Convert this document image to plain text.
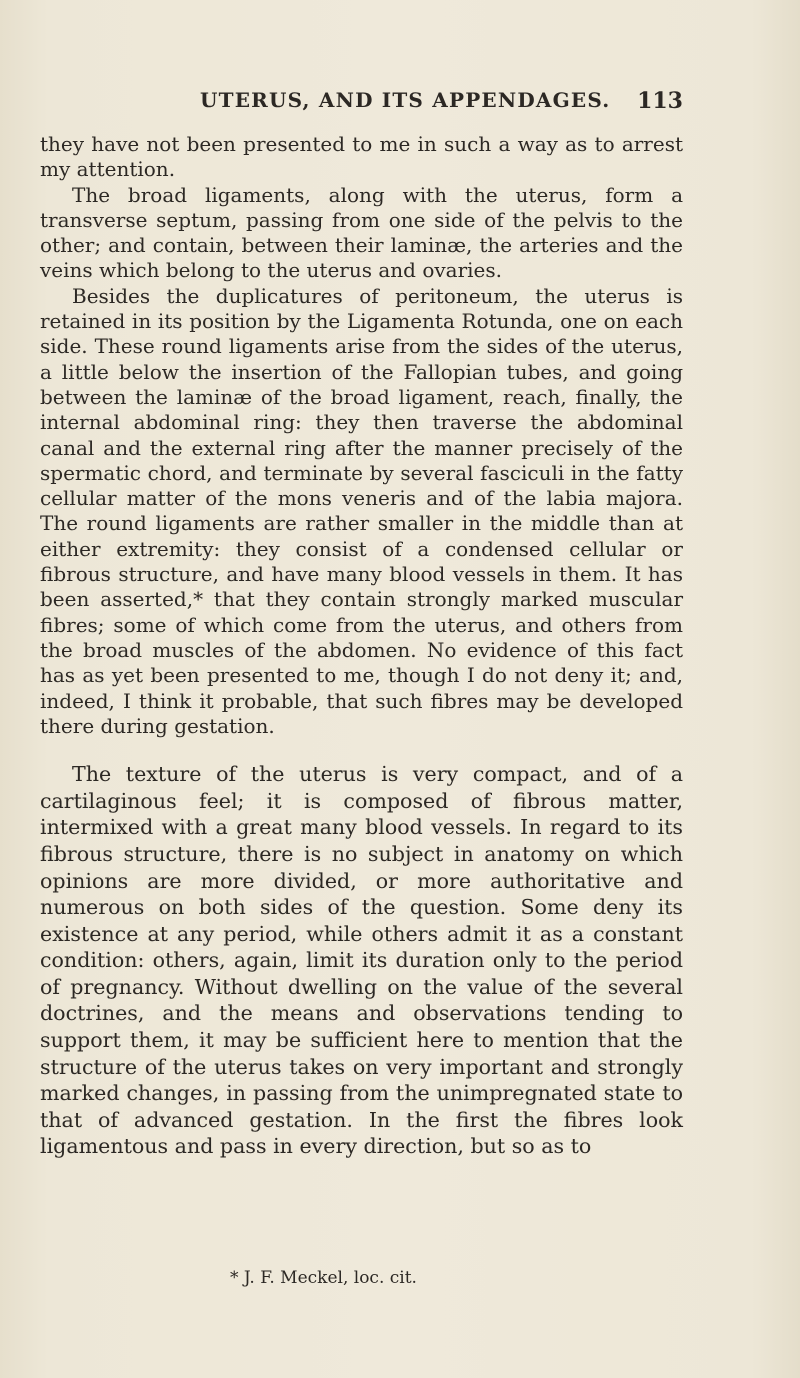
UTERUS, AND ITS APPENDAGES. 113

they have not been presented to me in such a way as to arrest my attention.

The broad ligaments, along with the uterus, form a transverse septum, passing from one side of the pelvis to the other; and contain, between their laminæ, the arteries and the veins which belong to the uterus and ovaries.

Besides the duplicatures of peritoneum, the uterus is retained in its position by the Ligamenta Rotunda, one on each side. These round ligaments arise from the sides of the uterus, a little below the insertion of the Fallopian tubes, and going between the laminæ of the broad ligament, reach, finally, the internal abdominal ring: they then traverse the abdominal canal and the external ring after the manner precisely of the spermatic chord, and terminate by several fasciculi in the fatty cellular matter of the mons veneris and of the labia majora. The round ligaments are rather smaller in the middle than at either extremity: they consist of a condensed cellular or fibrous structure, and have many blood vessels in them. It has been asserted,* that they contain strongly marked muscular fibres; some of which come from the uterus, and others from the broad muscles of the abdomen. No evidence of this fact has as yet been presented to me, though I do not deny it; and, indeed, I think it probable, that such fibres may be developed there during gestation.

The texture of the uterus is very compact, and of a cartilaginous feel; it is composed of fibrous matter, intermixed with a great many blood vessels. In regard to its fibrous structure, there is no subject in anatomy on which opinions are more divided, or more authoritative and numerous on both sides of the question. Some deny its existence at any period, while others admit it as a constant condition: others, again, limit its duration only to the period of pregnancy. Without dwelling on the value of the several doctrines, and the means and observations tending to support them, it may be sufficient here to mention that the structure of the uterus takes on very important and strongly marked changes, in passing from the unimpregnated state to that of advanced gestation. In the first the fibres look ligamentous and pass in every direction, but so as to

* J. F. Meckel, loc. cit.
